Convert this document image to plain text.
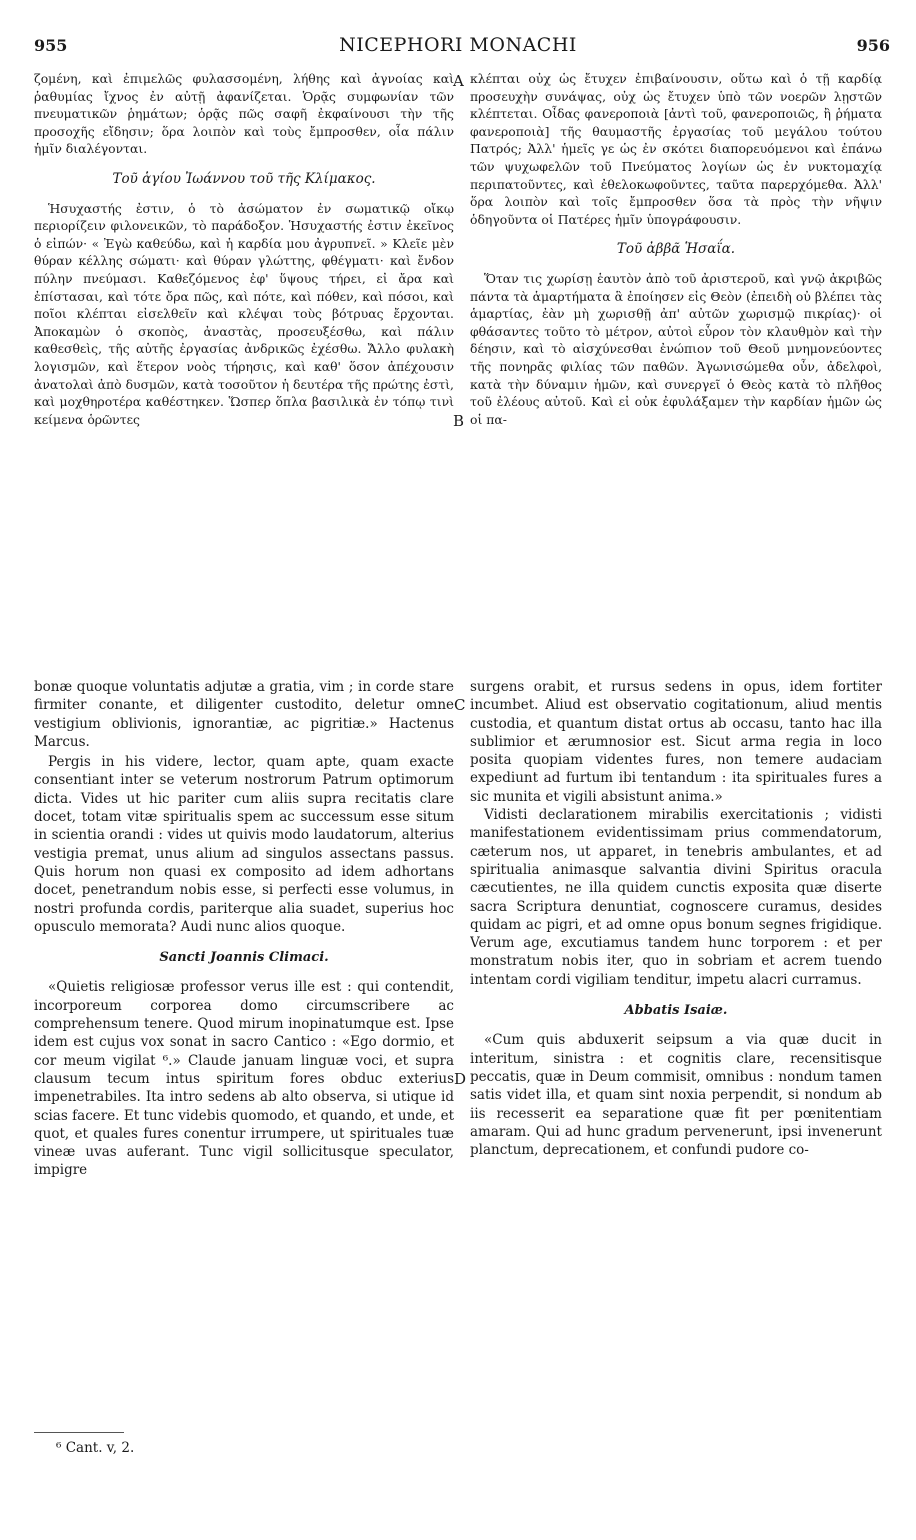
955	NICEPHORI MONACHI	956
A
B
C
D

ζομένη, καὶ ἐπιμελῶς φυλασσομένη, λήθης καὶ ἀγνοίας καὶ ῥαθυμίας ἴχνος ἐν αὐτῇ ἀφανίζεται. Ὁρᾷς συμφωνίαν τῶν πνευματικῶν ῥημάτων; ὁρᾷς πῶς σαφῆ ἐκφαίνουσι τὴν τῆς προσοχῆς εἴδησιν; ὅρα λοιπὸν καὶ τοὺς ἔμπροσθεν, οἷα πάλιν ἡμῖν διαλέγονται.

Τοῦ ἁγίου Ἰωάννου τοῦ τῆς Κλίμακος.

Ἡσυχαστής ἐστιν, ὁ τὸ ἀσώματον ἐν σωματικῷ οἴκῳ περιορίζειν φιλονεικῶν, τὸ παράδοξον. Ἡσυχαστής ἐστιν ἐκεῖνος ὁ εἰπών· « Ἐγὼ καθεύδω, καὶ ἡ καρδία μου ἀγρυπνεῖ. » Κλεῖε μὲν θύραν κέλλης σώματι· καὶ θύραν γλώττης, φθέγματι· καὶ ἔνδον πύλην πνεύμασι. Καθεζόμενος ἐφ' ὕψους τήρει, εἰ ἄρα καὶ ἐπίστασαι, καὶ τότε ὄρα πῶς, καὶ πότε, καὶ πόθεν, καὶ πόσοι, καὶ ποῖοι κλέπται εἰσελθεῖν καὶ κλέψαι τοὺς βότρυας ἔρχονται. Ἀποκαμὼν ὁ σκοπὸς, ἀναστὰς, προσευξέσθω, καὶ πάλιν καθεσθεὶς, τῆς αὐτῆς ἐργασίας ἀνδρικῶς ἐχέσθω. Ἄλλο φυλακὴ λογισμῶν, καὶ ἕτερον νοὸς τήρησις, καὶ καθ' ὅσον ἀπέχουσιν ἀνατολαὶ ἀπὸ δυσμῶν, κατὰ τοσοῦτον ἡ δευτέρα τῆς πρώτης ἐστὶ, καὶ μοχθηροτέρα καθέστηκεν. Ὥσπερ ὅπλα βασιλικὰ ἐν τόπῳ τινὶ κείμενα ὁρῶντες

κλέπται οὐχ ὡς ἔτυχεν ἐπιβαίνουσιν, οὕτω καὶ ὁ τῇ καρδίᾳ προσευχὴν συνάψας, οὐχ ὡς ἔτυχεν ὑπὸ τῶν νοερῶν λῃστῶν κλέπτεται. Οἶδας φανεροποιὰ [ἀντὶ τοῦ, φανεροποιῶς, ἢ ῥήματα φανεροποιὰ] τῆς θαυμαστῆς ἐργασίας τοῦ μεγάλου τούτου Πατρός; Ἀλλ' ἡμεῖς γε ὡς ἐν σκότει διαπορευόμενοι καὶ ἐπάνω τῶν ψυχωφελῶν τοῦ Πνεύματος λογίων ὡς ἐν νυκτομαχίᾳ περιπατοῦντες, καὶ ἐθελοκωφοῦντες, ταῦτα παρερχόμεθα. Ἀλλ' ὅρα λοιπὸν καὶ τοῖς ἔμπροσθεν ὅσα τὰ πρὸς τὴν νῆψιν ὁδηγοῦντα οἱ Πατέρες ἡμῖν ὑπογράφουσιν.

Τοῦ ἀββᾶ Ἡσαΐα.

Ὅταν τις χωρίσῃ ἑαυτὸν ἀπὸ τοῦ ἀριστεροῦ, καὶ γνῷ ἀκριβῶς πάντα τὰ ἁμαρτήματα ἃ ἐποίησεν εἰς Θεὸν (ἐπειδὴ οὐ βλέπει τὰς ἁμαρτίας, ἐὰν μὴ χωρισθῇ ἀπ' αὐτῶν χωρισμῷ πικρίας)· οἱ φθάσαντες τοῦτο τὸ μέτρον, αὐτοὶ εὗρον τὸν κλαυθμὸν καὶ τὴν δέησιν, καὶ τὸ αἰσχύνεσθαι ἐνώπιον τοῦ Θεοῦ μνημονεύοντες τῆς πονηρᾶς φιλίας τῶν παθῶν. Ἀγωνισώμεθα οὖν, ἀδελφοὶ, κατὰ τὴν δύναμιν ἡμῶν, καὶ συνεργεῖ ὁ Θεὸς κατὰ τὸ πλῆθος τοῦ ἐλέους αὐτοῦ. Καὶ εἰ οὐκ ἐφυλάξαμεν τὴν καρδίαν ἡμῶν ὡς οἱ πα-

bonæ quoque voluntatis adjutæ a gratia, vim ; in corde stare firmiter conante, et diligenter custodito, deletur omne vestigium oblivionis, ignorantiæ, ac pigritiæ.» Hactenus Marcus.

Pergis in his videre, lector, quam apte, quam exacte consentiant inter se veterum nostrorum Patrum optimorum dicta. Vides ut hic pariter cum aliis supra recitatis clare docet, totam vitæ spiritualis spem ac successum esse situm in scientia orandi : vides ut quivis modo laudatorum, alterius vestigia premat, unus alium ad singulos assectans passus. Quis horum non quasi ex composito ad idem adhortans docet, penetrandum nobis esse, si perfecti esse volumus, in nostri profunda cordis, pariterque alia suadet, superius hoc opusculo memorata? Audi nunc alios quoque.

Sancti Joannis Climaci.

«Quietis religiosæ professor verus ille est : qui contendit, incorporeum corporea domo circumscribere ac comprehensum tenere. Quod mirum inopinatumque est. Ipse idem est cujus vox sonat in sacro Cantico : «Ego dormio, et cor meum vigilat ⁶.» Claude januam linguæ voci, et supra clausum tecum intus spiritum fores obduc exterius impenetrabiles. Ita intro sedens ab alto observa, si utique id scias facere. Et tunc videbis quomodo, et quando, et unde, et quot, et quales fures conentur irrumpere, ut spirituales tuæ vineæ uvas auferant. Tunc vigil sollicitusque speculator, impigre

surgens orabit, et rursus sedens in opus, idem fortiter incumbet. Aliud est observatio cogitationum, aliud mentis custodia, et quantum distat ortus ab occasu, tanto hac illa sublimior et ærumnosior est. Sicut arma regia in loco posita quopiam videntes fures, non temere audaciam expediunt ad furtum ibi tentandum : ita spirituales fures a sic munita et vigili absistunt anima.»

Vidisti declarationem mirabilis exercitationis ; vidisti manifestationem evidentissimam prius commendatorum, cæterum nos, ut apparet, in tenebris ambulantes, et ad spiritualia animasque salvantia divini Spiritus oracula cæcutientes, ne illa quidem cunctis exposita quæ diserte sacra Scriptura denuntiat, cognoscere curamus, desides quidam ac pigri, et ad omne opus bonum segnes frigidique. Verum age, excutiamus tandem hunc torporem : et per monstratum nobis iter, quo in sobriam et acrem tuendo intentam cordi vigiliam tenditur, impetu alacri curramus.

Abbatis Isaiæ.

«Cum quis abduxerit seipsum a via quæ ducit in interitum, sinistra : et cognitis clare, recensitisque peccatis, quæ in Deum commisit, omnibus : nondum tamen satis videt illa, et quam sint noxia perpendit, si nondum ab iis recesserit ea separatione quæ fit per pœnitentiam amaram. Qui ad hunc gradum pervenerunt, ipsi invenerunt planctum, deprecationem, et confundi pudore co-

⁶ Cant. v, 2.
